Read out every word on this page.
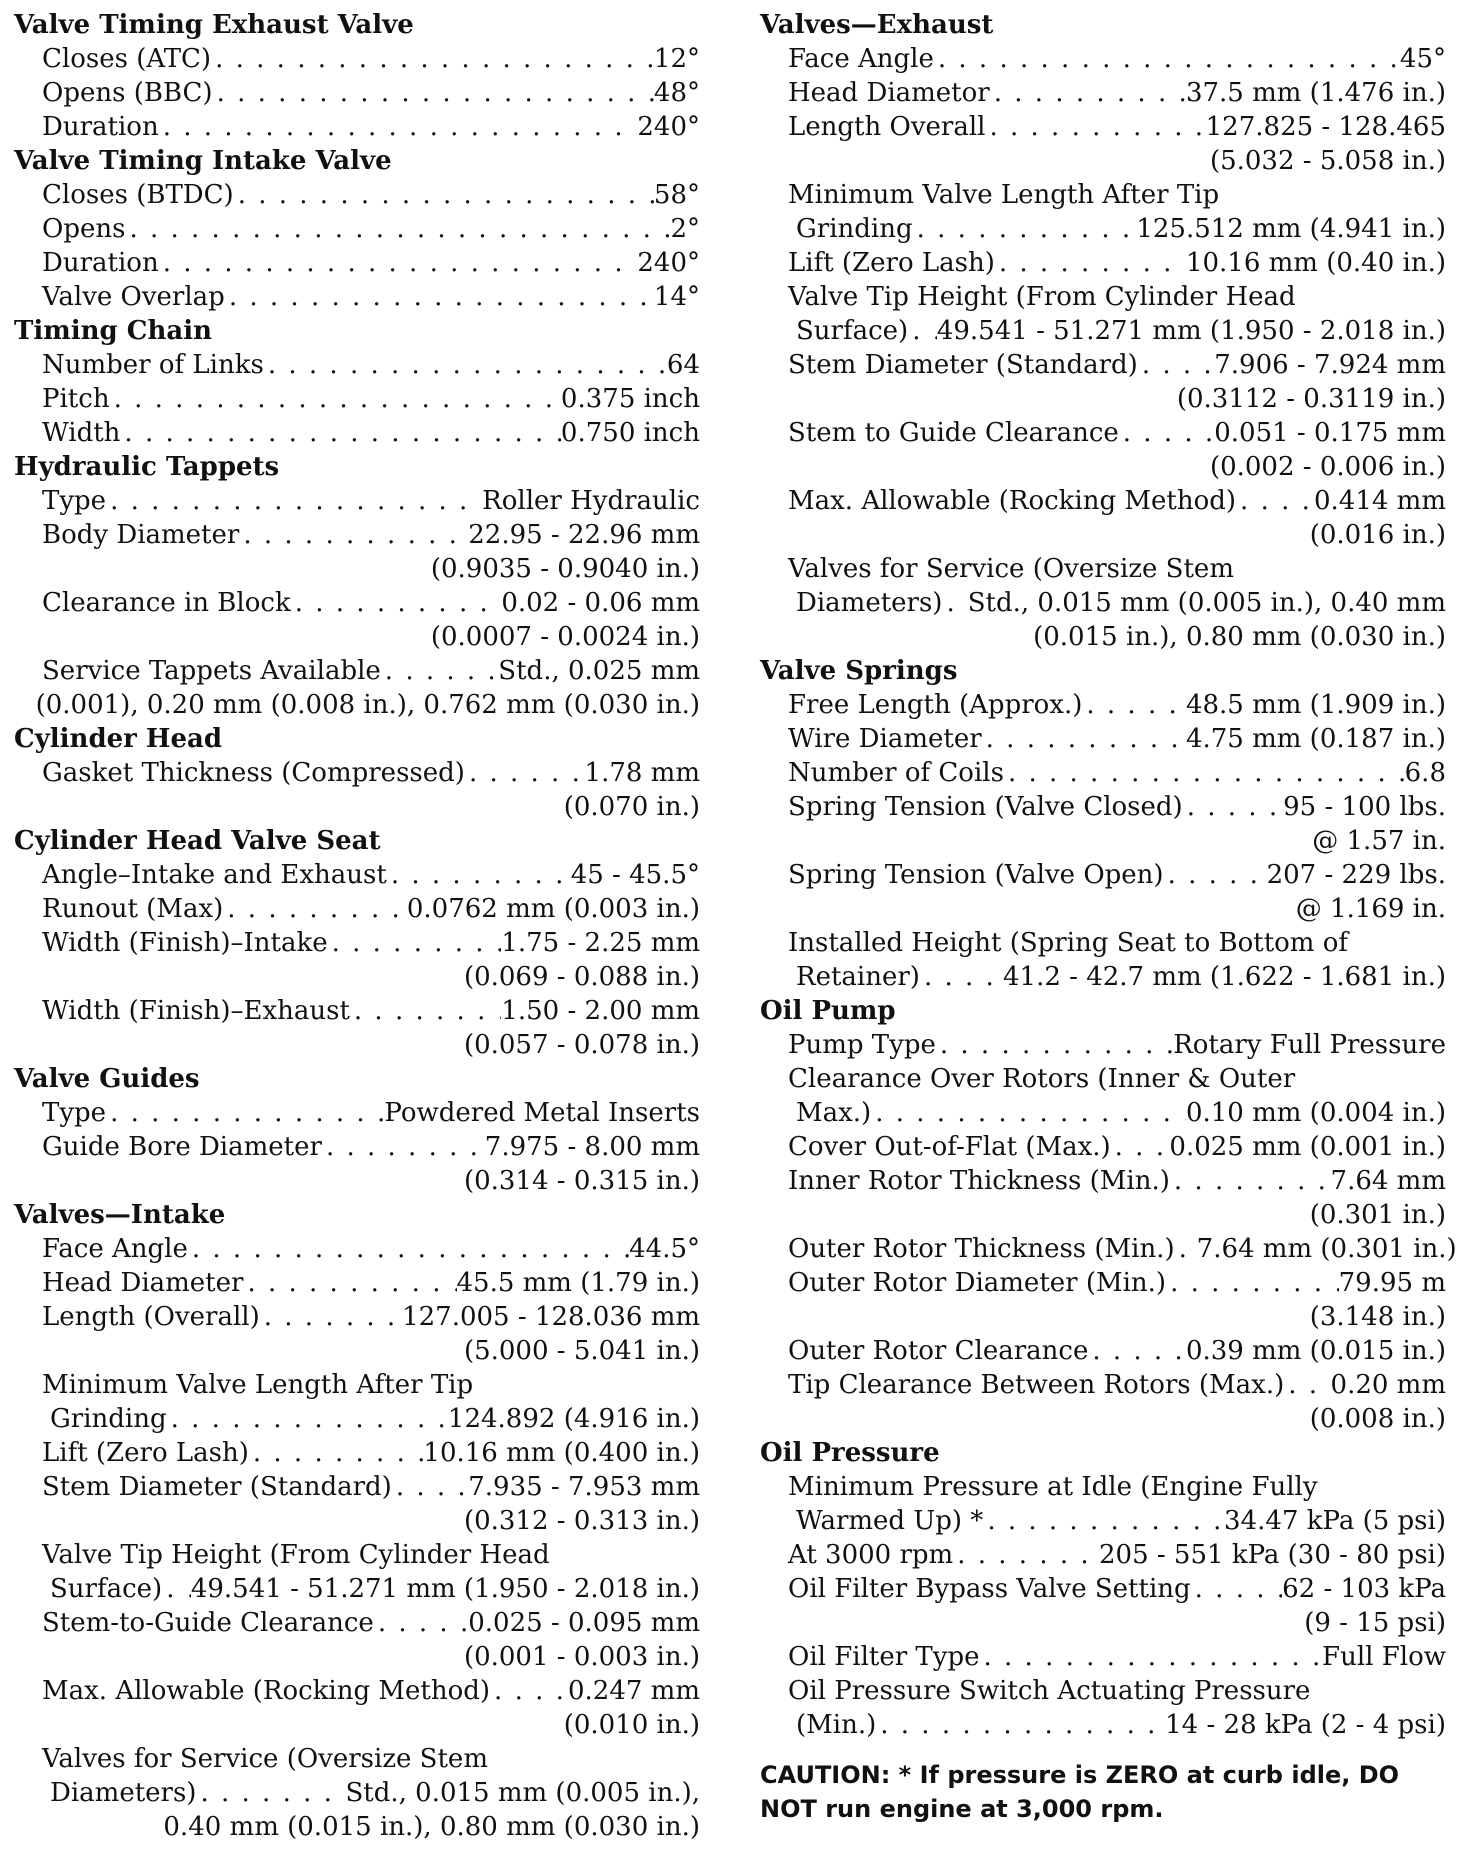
Valve Timing Exhaust Valve
Closes (ATC) . . .	12°
Opens (BBC) . . .	48°
Duration . . .	240°
Valve Timing Intake Valve
Closes (BTDC) . . .	58°
Opens . . .	2°
Duration . . .	240°
Valve Overlap . . .	14°
Timing Chain
Number of Links . . .	64
Pitch . . .	0.375 inch
Width . . .	0.750 inch
Hydraulic Tappets
Type . . .	Roller Hydraulic
Body Diameter . . .	22.95 - 22.96 mm
(0.9035 - 0.9040 in.)
Clearance in Block . . .	0.02 - 0.06 mm
(0.0007 - 0.0024 in.)
Service Tappets Available . . .	Std., 0.025 mm
(0.001), 0.20 mm (0.008 in.), 0.762 mm (0.030 in.)
Cylinder Head
Gasket Thickness (Compressed) . . .	1.78 mm
(0.070 in.)
Cylinder Head Valve Seat
Angle–Intake and Exhaust . . .	45 - 45.5°
Runout (Max) . . .	0.0762 mm (0.003 in.)
Width (Finish)–Intake . . .	1.75 - 2.25 mm
(0.069 - 0.088 in.)
Width (Finish)–Exhaust . . .	1.50 - 2.00 mm
(0.057 - 0.078 in.)
Valve Guides
Type . . .	Powdered Metal Inserts
Guide Bore Diameter . . .	7.975 - 8.00 mm
(0.314 - 0.315 in.)
Valves—Intake
Face Angle . . .	44.5°
Head Diameter . . .	45.5 mm (1.79 in.)
Length (Overall) . . .	127.005 - 128.036 mm
(5.000 - 5.041 in.)
Minimum Valve Length After Tip
Grinding . . .	124.892 (4.916 in.)
Lift (Zero Lash) . . .	10.16 mm (0.400 in.)
Stem Diameter (Standard) . . .	7.935 - 7.953 mm
(0.312 - 0.313 in.)
Valve Tip Height (From Cylinder Head
Surface) . . . 49.541 - 51.271 mm (1.950 - 2.018 in.)
Stem-to-Guide Clearance . . .	0.025 - 0.095 mm
(0.001 - 0.003 in.)
Max. Allowable (Rocking Method) . . .	0.247 mm
(0.010 in.)
Valves for Service (Oversize Stem
Diameters) . . .	Std., 0.015 mm (0.005 in.),
0.40 mm (0.015 in.), 0.80 mm (0.030 in.)
Valves—Exhaust
Face Angle . . .	45°
Head Diametor . . .	37.5 mm (1.476 in.)
Length Overall . . .	127.825 - 128.465
(5.032 - 5.058 in.)
Minimum Valve Length After Tip
Grinding . . .	125.512 mm (4.941 in.)
Lift (Zero Lash) . . .	10.16 mm (0.40 in.)
Valve Tip Height (From Cylinder Head
Surface) . . . 49.541 - 51.271 mm (1.950 - 2.018 in.)
Stem Diameter (Standard) . . .	7.906 - 7.924 mm
(0.3112 - 0.3119 in.)
Stem to Guide Clearance . . .	0.051 - 0.175 mm
(0.002 - 0.006 in.)
Max. Allowable (Rocking Method) . . .	0.414 mm
(0.016 in.)
Valves for Service (Oversize Stem
Diameters) . . . Std., 0.015 mm (0.005 in.), 0.40 mm
(0.015 in.), 0.80 mm (0.030 in.)
Valve Springs
Free Length (Approx.) . . .	48.5 mm (1.909 in.)
Wire Diameter . . .	4.75 mm (0.187 in.)
Number of Coils . . .	6.8
Spring Tension (Valve Closed) . . .	95 - 100 lbs.
@ 1.57 in.
Spring Tension (Valve Open) . . .	207 - 229 lbs.
@ 1.169 in.
Installed Height (Spring Seat to Bottom of
Retainer) . . .	41.2 - 42.7 mm (1.622 - 1.681 in.)
Oil Pump
Pump Type . . .	Rotary Full Pressure
Clearance Over Rotors (Inner & Outer
Max.) . . .	0.10 mm (0.004 in.)
Cover Out-of-Flat (Max.) . . . 0.025 mm (0.001 in.)
Inner Rotor Thickness (Min.) . . .	7.64 mm
(0.301 in.)
Outer Rotor Thickness (Min.) . . . 7.64 mm (0.301 in.)
Outer Rotor Diameter (Min.) . . .	79.95 m
(3.148 in.)
Outer Rotor Clearance . . .	0.39 mm (0.015 in.)
Tip Clearance Between Rotors (Max.) . . . 0.20 mm
(0.008 in.)
Oil Pressure
Minimum Pressure at Idle (Engine Fully
Warmed Up) * . . .	34.47 kPa (5 psi)
At 3000 rpm . . .	205 - 551 kPa (30 - 80 psi)
Oil Filter Bypass Valve Setting . . .	62 - 103 kPa
(9 - 15 psi)
Oil Filter Type . . .	Full Flow
Oil Pressure Switch Actuating Pressure
(Min.) . . .	14 - 28 kPa (2 - 4 psi)
CAUTION: * If pressure is ZERO at curb idle, DO
NOT run engine at 3,000 rpm.
